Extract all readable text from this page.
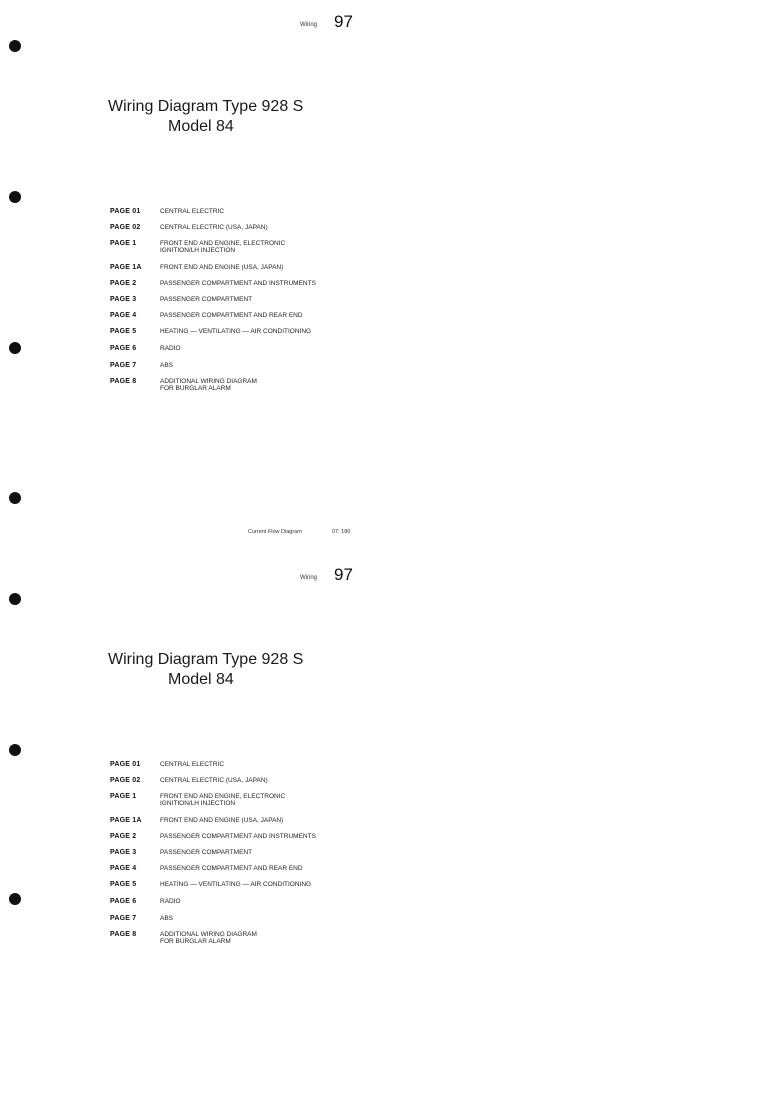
Wiring 97
Wiring Diagram Type 928 S
Model 84
PAGE 01	CENTRAL ELECTRIC
PAGE 02	CENTRAL ELECTRIC (USA, JAPAN)
PAGE 1	FRONT END AND ENGINE, ELECTRONIC IGNITION/LH INJECTION
PAGE 1A	FRONT END AND ENGINE (USA, JAPAN)
PAGE 2	PASSENGER COMPARTMENT AND INSTRUMENTS
PAGE 3	PASSENGER COMPARTMENT
PAGE 4	PASSENGER COMPARTMENT AND REAR END
PAGE 5	HEATING — VENTILATING — AIR CONDITIONING
PAGE 6	RADIO
PAGE 7	ABS
PAGE 8	ADDITIONAL WIRING DIAGRAM FOR BURGLAR ALARM
Current Flow Diagram	07: 180
Wiring 97
Wiring Diagram Type 928 S
Model 84
PAGE 01	CENTRAL ELECTRIC
PAGE 02	CENTRAL ELECTRIC (USA, JAPAN)
PAGE 1	FRONT END AND ENGINE, ELECTRONIC IGNITION/LH INJECTION
PAGE 1A	FRONT END AND ENGINE (USA, JAPAN)
PAGE 2	PASSENGER COMPARTMENT AND INSTRUMENTS
PAGE 3	PASSENGER COMPARTMENT
PAGE 4	PASSENGER COMPARTMENT AND REAR END
PAGE 5	HEATING — VENTILATING — AIR CONDITIONING
PAGE 6	RADIO
PAGE 7	ABS
PAGE 8	ADDITIONAL WIRING DIAGRAM FOR BURGLAR ALARM
